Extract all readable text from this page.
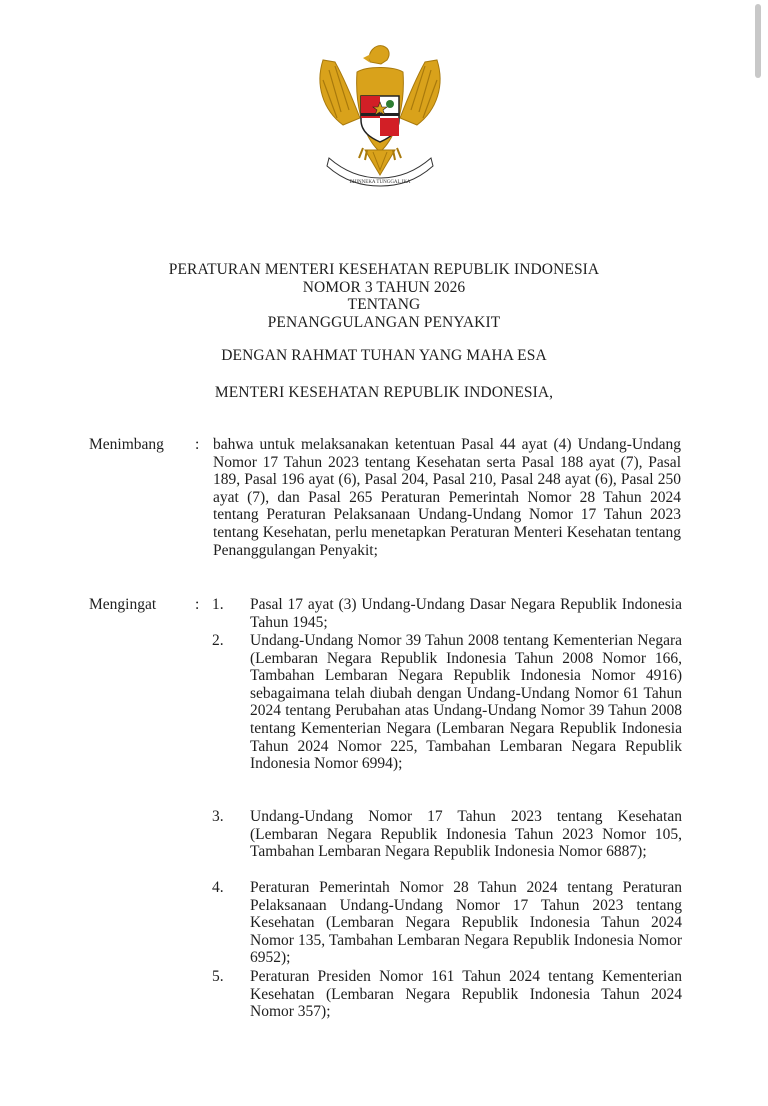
BHINNEKA TUNGGAL IKA
PERATURAN MENTERI KESEHATAN REPUBLIK INDONESIA
NOMOR 3 TAHUN 2026
TENTANG
PENANGGULANGAN PENYAKIT
DENGAN RAHMAT TUHAN YANG MAHA ESA
MENTERI KESEHATAN REPUBLIK INDONESIA,
Menimbang : bahwa untuk melaksanakan ketentuan Pasal 44 ayat (4) Undang-Undang Nomor 17 Tahun 2023 tentang Kesehatan serta Pasal 188 ayat (7), Pasal 189, Pasal 196 ayat (6), Pasal 204, Pasal 210, Pasal 248 ayat (6), Pasal 250 ayat (7), dan Pasal 265 Peraturan Pemerintah Nomor 28 Tahun 2024 tentang Peraturan Pelaksanaan Undang-Undang Nomor 17 Tahun 2023 tentang Kesehatan, perlu menetapkan Peraturan Menteri Kesehatan tentang Penanggulangan Penyakit;
Mengingat	: 1. Pasal 17 ayat (3) Undang-Undang Dasar Negara Republik Indonesia Tahun 1945;
2. Undang-Undang Nomor 39 Tahun 2008 tentang Kementerian Negara (Lembaran Negara Republik Indonesia Tahun 2008 Nomor 166, Tambahan Lembaran Negara Republik Indonesia Nomor 4916) sebagaimana telah diubah dengan Undang-Undang Nomor 61 Tahun 2024 tentang Perubahan atas Undang-Undang Nomor 39 Tahun 2008 tentang Kementerian Negara (Lembaran Negara Republik Indonesia Tahun 2024 Nomor 225, Tambahan Lembaran Negara Republik Indonesia Nomor 6994);
3. Undang-Undang Nomor 17 Tahun 2023 tentang Kesehatan (Lembaran Negara Republik Indonesia Tahun 2023 Nomor 105, Tambahan Lembaran Negara Republik Indonesia Nomor 6887);
4. Peraturan Pemerintah Nomor 28 Tahun 2024 tentang Peraturan Pelaksanaan Undang-Undang Nomor 17 Tahun 2023 tentang Kesehatan (Lembaran Negara Republik Indonesia Tahun 2024 Nomor 135, Tambahan Lembaran Negara Republik Indonesia Nomor 6952);
5. Peraturan Presiden Nomor 161 Tahun 2024 tentang Kementerian Kesehatan (Lembaran Negara Republik Indonesia Tahun 2024 Nomor 357);
